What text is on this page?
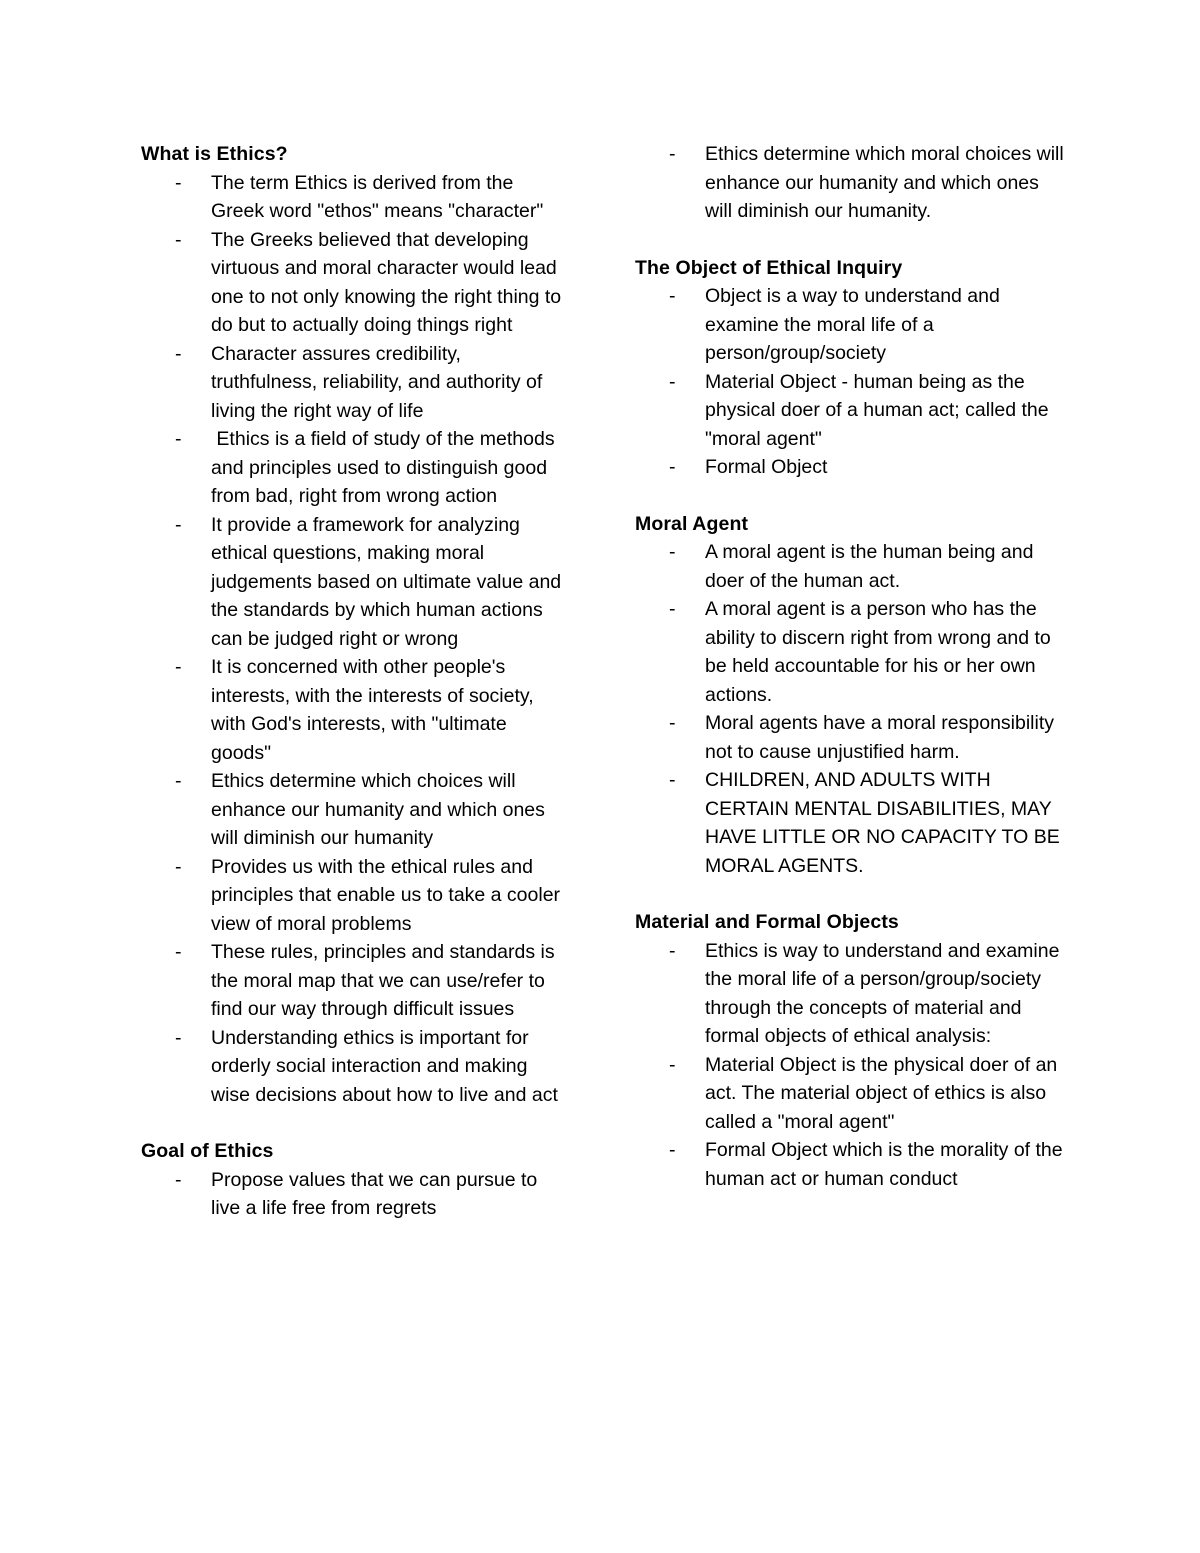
What is Ethics?

- The term Ethics is derived from the Greek word "ethos" means "character"
- The Greeks believed that developing virtuous and moral character would lead one to not only knowing the right thing to do but to actually doing things right
- Character assures credibility, truthfulness, reliability, and authority of living the right way of life
- Ethics is a field of study of the methods and principles used to distinguish good from bad, right from wrong action
- It provide a framework for analyzing ethical questions, making moral judgements based on ultimate value and the standards by which human actions can be judged right or wrong
- It is concerned with other people's interests, with the interests of society, with God's interests, with "ultimate goods"
- Ethics determine which choices will enhance our humanity and which ones will diminish our humanity
- Provides us with the ethical rules and principles that enable us to take a cooler view of moral problems
- These rules, principles and standards is the moral map that we can use/refer to find our way through difficult issues
- Understanding ethics is important for orderly social interaction and making wise decisions about how to live and act

Goal of Ethics

- Propose values that we can pursue to live a life free from regrets
- Ethics determine which moral choices will enhance our humanity and which ones will diminish our humanity.

The Object of Ethical Inquiry

- Object is a way to understand and examine the moral life of a person/group/society
- Material Object - human being as the physical doer of a human act; called the "moral agent"
- Formal Object

Moral Agent

- A moral agent is the human being and doer of the human act.
- A moral agent is a person who has the ability to discern right from wrong and to be held accountable for his or her own actions.
- Moral agents have a moral responsibility not to cause unjustified harm.
- CHILDREN, AND ADULTS WITH CERTAIN MENTAL DISABILITIES, MAY HAVE LITTLE OR NO CAPACITY TO BE MORAL AGENTS.

Material and Formal Objects

- Ethics is way to understand and examine the moral life of a person/group/society through the concepts of material and formal objects of ethical analysis:
- Material Object is the physical doer of an act. The material object of ethics is also called a "moral agent"
- Formal Object which is the morality of the human act or human conduct
